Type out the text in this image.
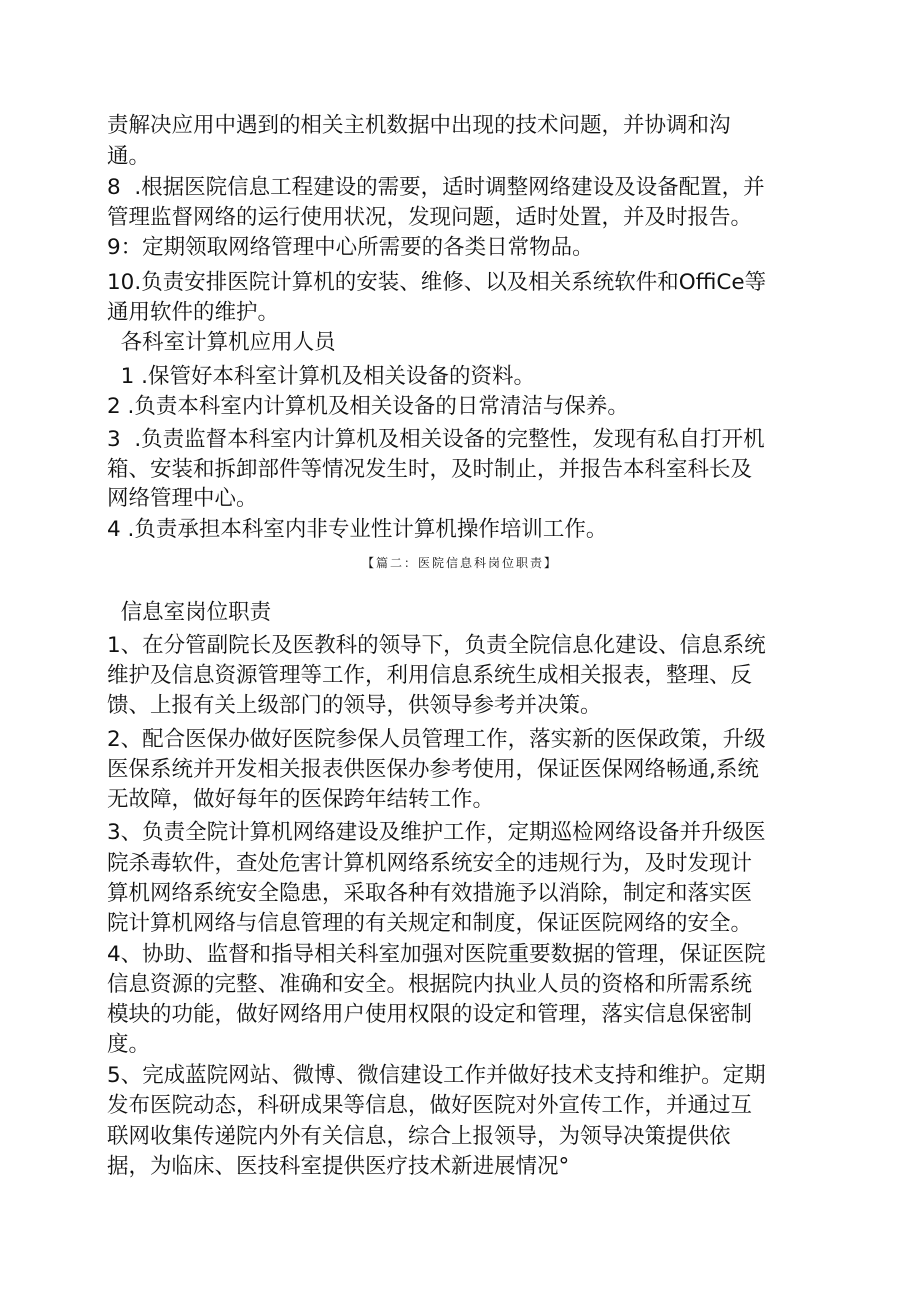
责解决应用中遇到的相关主机数据中出现的技术问题，并协调和沟
通。
8  .根据医院信息工程建设的需要，适时调整网络建设及设备配置，并
管理监督网络的运行使用状况，发现问题，适时处置，并及时报告。
9：定期领取网络管理中心所需要的各类日常物品。
10.负责安排医院计算机的安装、维修、以及相关系统软件和OffiCe等
通用软件的维护。
各科室计算机应用人员
1 .保管好本科室计算机及相关设备的资料。
2 .负责本科室内计算机及相关设备的日常清洁与保养。
3  .负责监督本科室内计算机及相关设备的完整性，发现有私自打开机
箱、安装和拆卸部件等情况发生时，及时制止，并报告本科室科长及
网络管理中心。
4 .负责承担本科室内非专业性计算机操作培训工作。
【篇二：医院信息科岗位职责】
信息室岗位职责
1、在分管副院长及医教科的领导下，负责全院信息化建设、信息系统
维护及信息资源管理等工作，利用信息系统生成相关报表，整理、反
馈、上报有关上级部门的领导，供领导参考并决策。
2、配合医保办做好医院参保人员管理工作，落实新的医保政策，升级
医保系统并开发相关报表供医保办参考使用，保证医保网络畅通,系统
无故障，做好每年的医保跨年结转工作。
3、负责全院计算机网络建设及维护工作，定期巡检网络设备并升级医
院杀毒软件，查处危害计算机网络系统安全的违规行为，及时发现计
算机网络系统安全隐患，采取各种有效措施予以消除，制定和落实医
院计算机网络与信息管理的有关规定和制度，保证医院网络的安全。
4、协助、监督和指导相关科室加强对医院重要数据的管理，保证医院
信息资源的完整、准确和安全。根据院内执业人员的资格和所需系统
模块的功能，做好网络用户使用权限的设定和管理，落实信息保密制
度。
5、完成蓝院网站、微博、微信建设工作并做好技术支持和维护。定期
发布医院动态，科研成果等信息，做好医院对外宣传工作，并通过互
联网收集传递院内外有关信息，综合上报领导，为领导决策提供依
据，为临床、医技科室提供医疗技术新进展情况°
